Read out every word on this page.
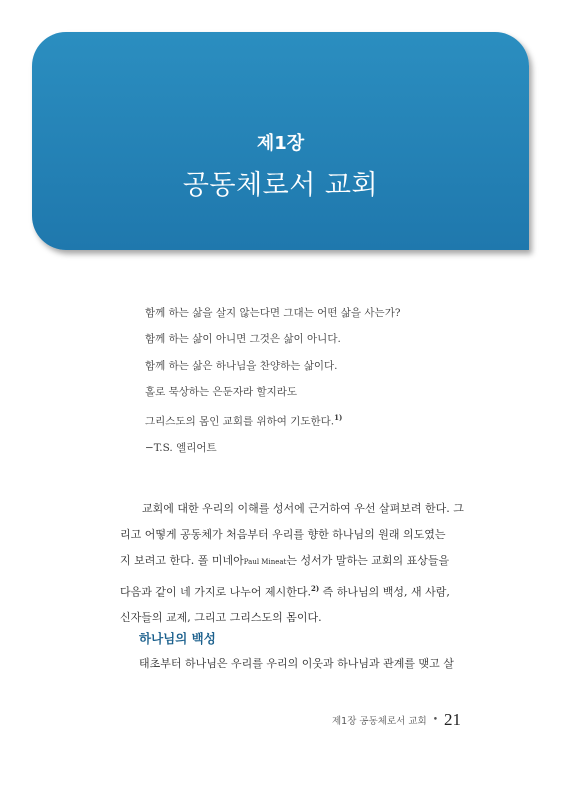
제1장
공동체로서 교회
함께 하는 삶을 살지 않는다면 그대는 어떤 삶을 사는가?
함께 하는 삶이 아니면 그것은 삶이 아니다.
함께 하는 삶은 하나님을 찬양하는 삶이다.
홀로 묵상하는 은둔자라 할지라도
그리스도의 몸인 교회를 위하여 기도한다.$^{1)}$
−T.S. 엘리어트
교회에 대한 우리의 이해를 성서에 근거하여 우선 살펴보려 한다. 그
리고 어떻게 공동체가 처음부터 우리를 향한 하나님의 원래 의도였는
지 보려고 한다. 폴 미네아Paul Mineat는 성서가 말하는 교회의 표상들을
다음과 같이 네 가지로 나누어 제시한다.$^{2)}$ 즉 하나님의 백성, 새 사람,
신자들의 교제, 그리고 그리스도의 몸이다.
하나님의 백성
태초부터 하나님은 우리를 우리의 이웃과 하나님과 관계를 맺고 살
제1장 공동체로서 교회 • 21
